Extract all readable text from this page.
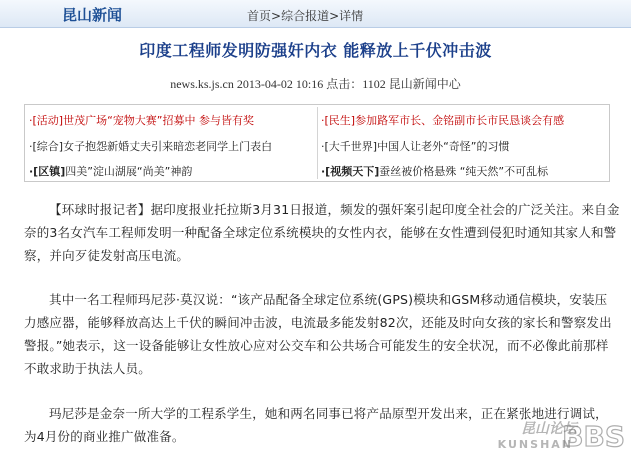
昆山新闻	首页>综合报道>详情
印度工程师发明防强奸内衣 能释放上千伏冲击波
news.ks.js.cn 2013-04-02 10:16 点击：1102 昆山新闻中心
·[活动]世茂广场“宠物大赛”招募中 参与皆有奖
·[综合]女子抱怨新婚丈夫引来暗恋老同学上门表白
·[区镇]四美”淀山湖展“尚美”神韵
·[民生]参加路军市长、金铭副市长市民恳谈会有感
·[大千世界]中国人让老外“奇怪”的习惯
·[视频天下]蚕丝被价格悬殊 “纯天然”不可乱标
【环球时报记者】据印度报业托拉斯3月31日报道，频发的强奸案引起印度全社会的广泛关注。来自金奈的3名女汽车工程师发明一种配备全球定位系统模块的女性内衣，能够在女性遭到侵犯时通知其家人和警察，并向歹徒发射高压电流。
其中一名工程师玛尼莎·莫汉说：“该产品配备全球定位系统(GPS)模块和GSM移动通信模块，安装压力感应器，能够释放高达上千伏的瞬间冲击波，电流最多能发射82次，还能及时向女孩的家长和警察发出警报。”她表示，这一设备能够让女性放心应对公交车和公共场合可能发生的安全状况，而不必像此前那样不敢求助于执法人员。
玛尼莎是金奈一所大学的工程系学生，她和两名同事已将产品原型开发出来，正在紧张地进行调试，为4月份的商业推广做准备。	昆山论坛
KUNSHAN
BBS
